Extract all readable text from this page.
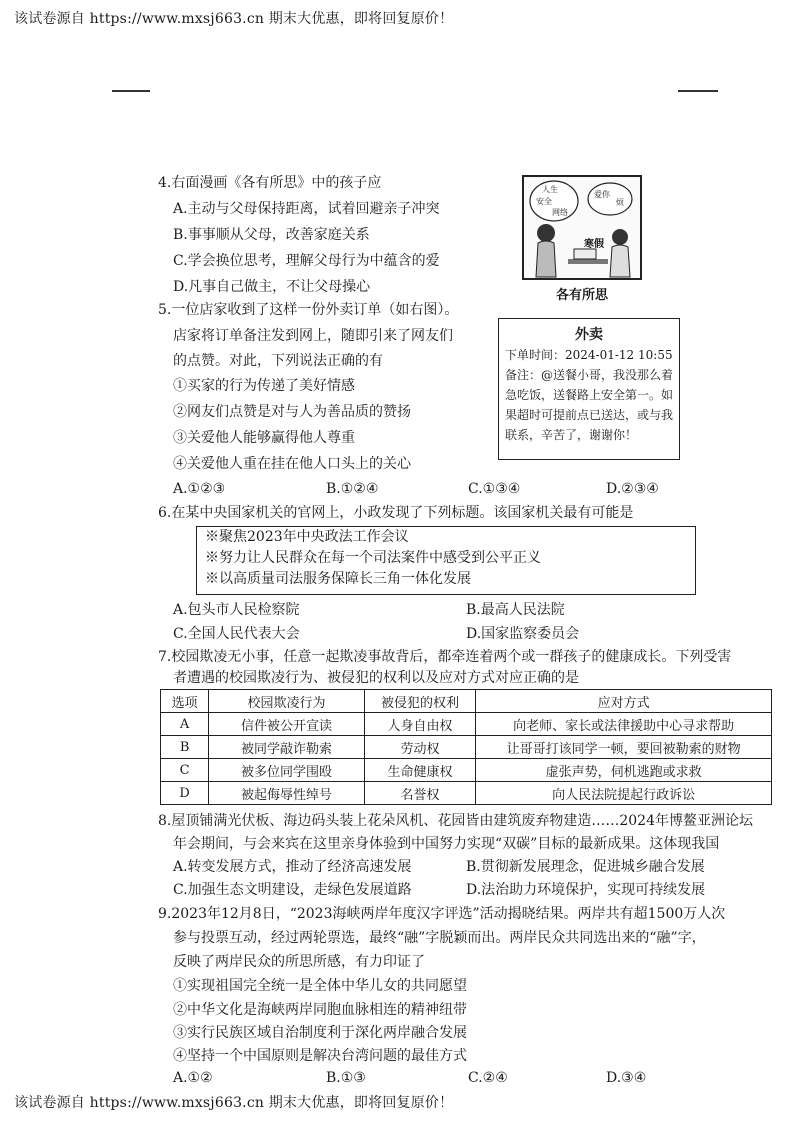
该试卷源自 https://www.mxsj663.cn 期末大优惠，即将回复原价！
4.右面漫画《各有所思》中的孩子应
A.主动与父母保持距离，试着回避亲子冲突
B.事事顺从父母，改善家庭关系
C.学会换位思考，理解父母行为中蕴含的爱
D.凡事自己做主，不让父母操心
人生
安全
网络
爱你
烦
寒假
各有所思
5.一位店家收到了这样一份外卖订单（如右图）。
店家将订单备注发到网上，随即引来了网友们
的点赞。对此，下列说法正确的有
①买家的行为传递了美好情感
②网友们点赞是对与人为善品质的赞扬
③关爱他人能够赢得他人尊重
④关爱他人重在挂在他人口头上的关心
A.①②③	B.①②④	C.①③④	D.②③④
外卖
下单时间：2024-01-12 10:55
备注：@送餐小哥，我没那么着急吃饭，送餐路上安全第一。如果超时可提前点已送达，或与我联系，辛苦了，谢谢你！
6.在某中央国家机关的官网上，小政发现了下列标题。该国家机关最有可能是
※聚焦2023年中央政法工作会议
※努力让人民群众在每一个司法案件中感受到公平正义
※以高质量司法服务保障长三角一体化发展
A.包头市人民检察院	B.最高人民法院
C.全国人民代表大会	D.国家监察委员会
7.校园欺凌无小事，任意一起欺凌事故背后，都牵连着两个或一群孩子的健康成长。下列受害
者遭遇的校园欺凌行为、被侵犯的权利以及应对方式对应正确的是
选项	校园欺凌行为	被侵犯的权利	应对方式
A	信件被公开宣读	人身自由权	向老师、家长或法律援助中心寻求帮助
B	被同学敲诈勒索	劳动权	让哥哥打该同学一顿，要回被勒索的财物
C	被多位同学围殴	生命健康权	虚张声势，伺机逃跑或求救
D	被起侮辱性绰号	名誉权	向人民法院提起行政诉讼
8.屋顶铺满光伏板、海边码头装上花朵风机、花园皆由建筑废弃物建造……2024年博鳌亚洲论坛
年会期间，与会来宾在这里亲身体验到中国努力实现“双碳”目标的最新成果。这体现我国
A.转变发展方式，推动了经济高速发展	B.贯彻新发展理念，促进城乡融合发展
C.加强生态文明建设，走绿色发展道路	D.法治助力环境保护，实现可持续发展
9.2023年12月8日，“2023海峡两岸年度汉字评选”活动揭晓结果。两岸共有超1500万人次
参与投票互动，经过两轮票选，最终“融”字脱颖而出。两岸民众共同选出来的“融”字，
反映了两岸民众的所思所感，有力印证了
①实现祖国完全统一是全体中华儿女的共同愿望
②中华文化是海峡两岸同胞血脉相连的精神纽带
③实行民族区域自治制度利于深化两岸融合发展
④坚持一个中国原则是解决台湾问题的最佳方式
A.①②	B.①③	C.②④	D.③④
该试卷源自 https://www.mxsj663.cn 期末大优惠，即将回复原价！
